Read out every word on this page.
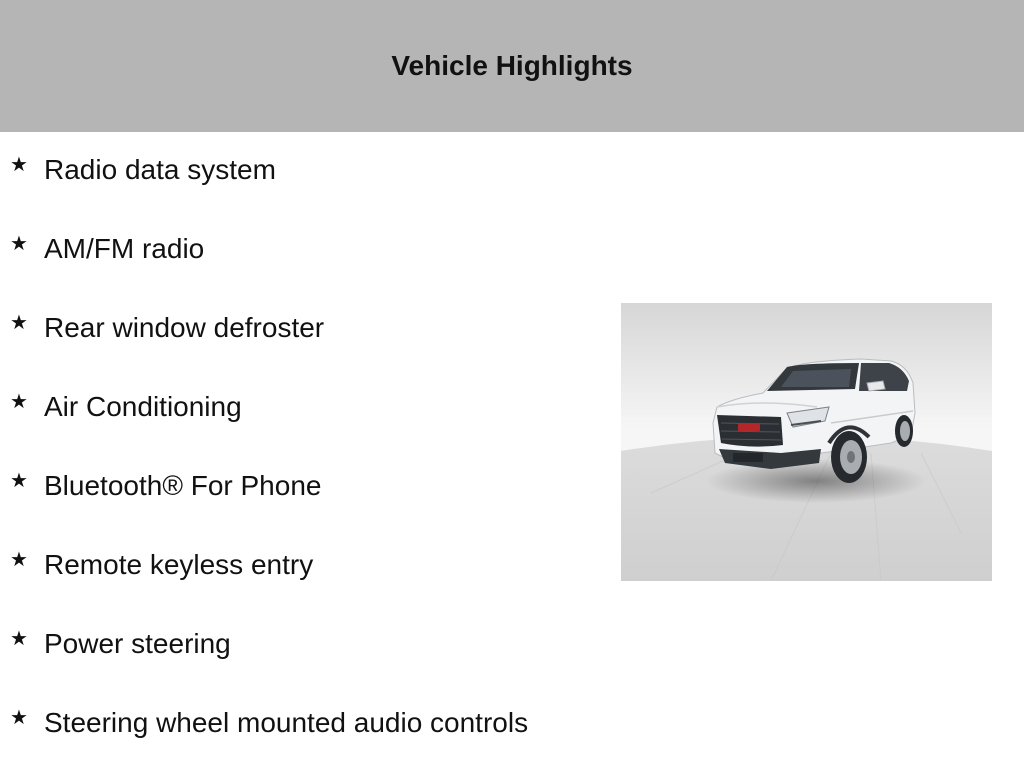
Vehicle Highlights
★ Radio data system
★ AM/FM radio
★ Rear window defroster
★ Air Conditioning
★ Bluetooth® For Phone
★ Remote keyless entry
★ Power steering
★ Steering wheel mounted audio controls
